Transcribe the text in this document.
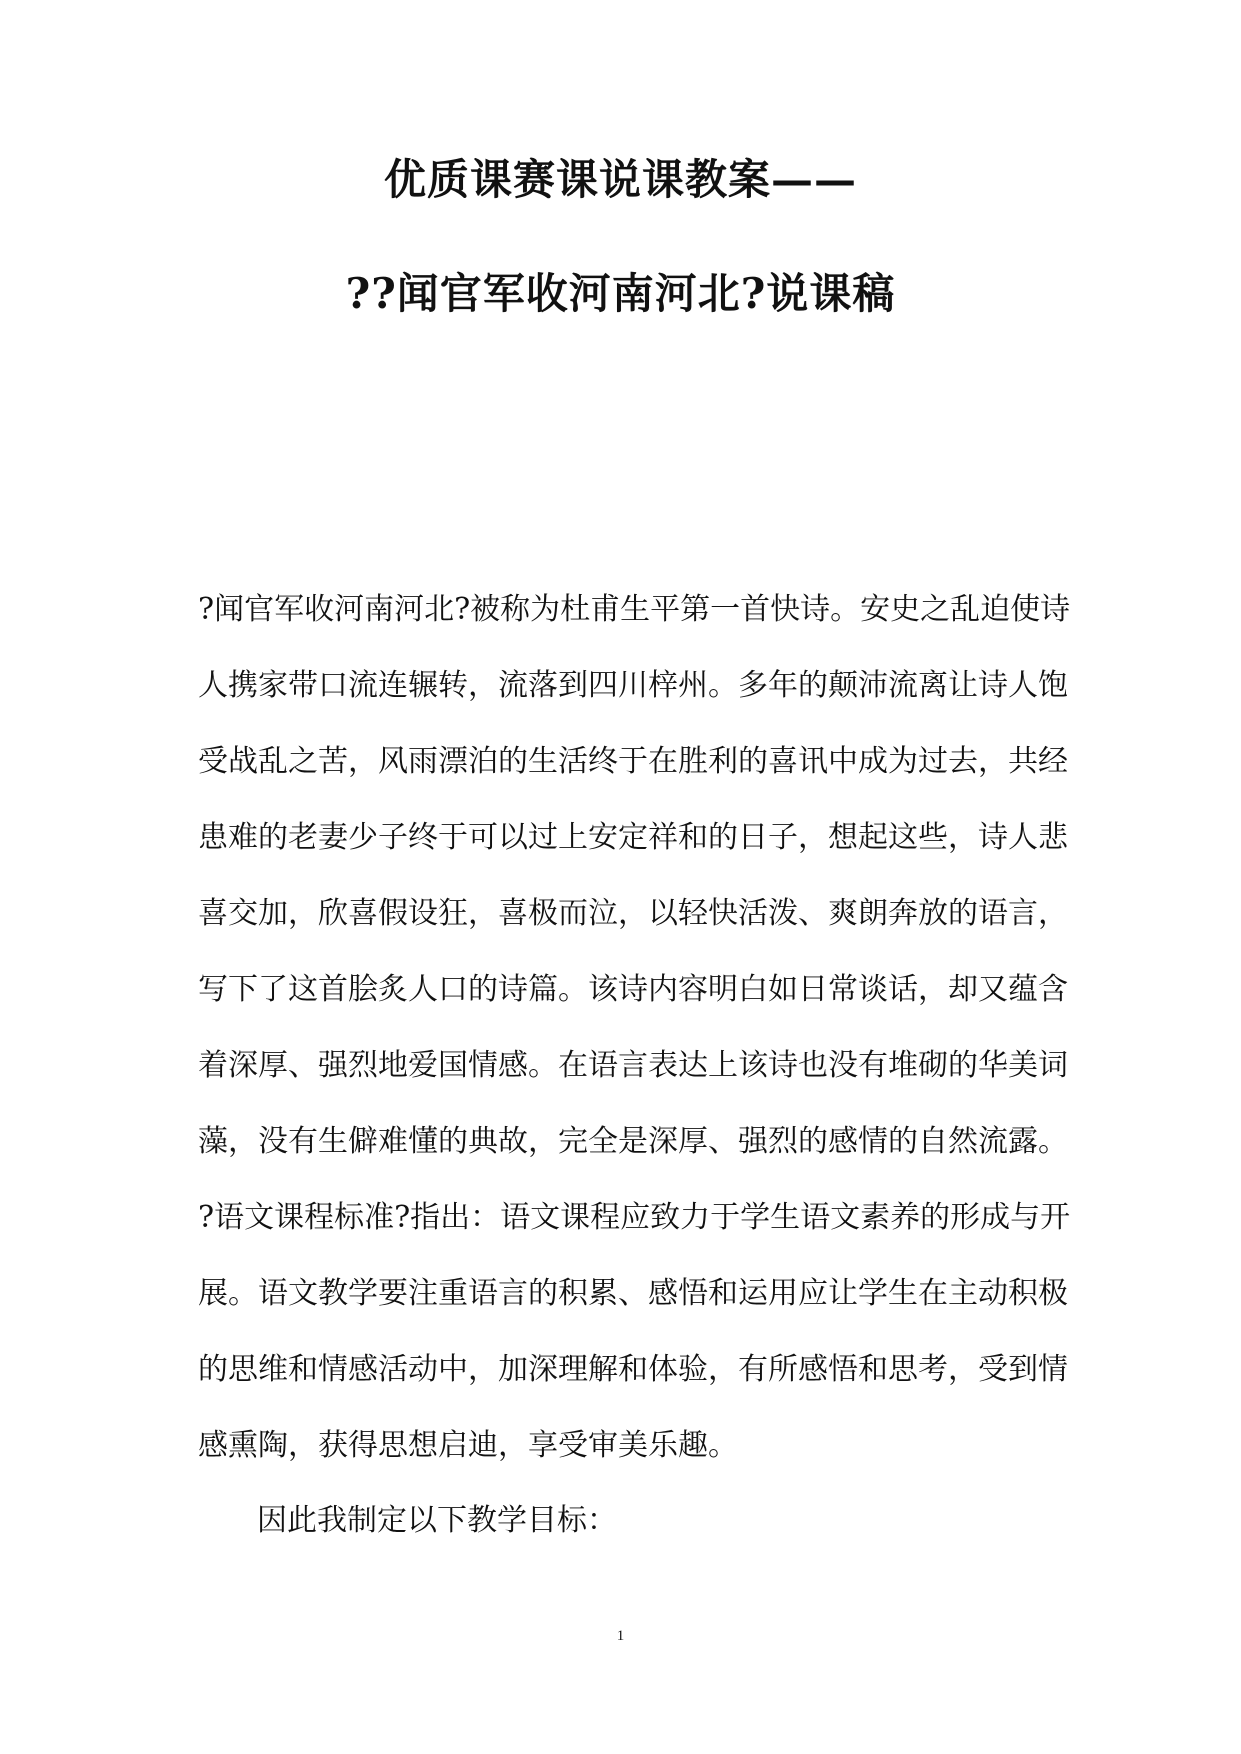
优质课赛课说课教案——
??闻官军收河南河北?说课稿
?闻官军收河南河北?被称为杜甫生平第一首快诗。安史之乱迫使诗
人携家带口流连辗转，流落到四川梓州。多年的颠沛流离让诗人饱
受战乱之苦，风雨漂泊的生活终于在胜利的喜讯中成为过去，共经
患难的老妻少子终于可以过上安定祥和的日子，想起这些，诗人悲
喜交加，欣喜假设狂，喜极而泣，以轻快活泼、爽朗奔放的语言，
写下了这首脍炙人口的诗篇。该诗内容明白如日常谈话，却又蕴含
着深厚、强烈地爱国情感。在语言表达上该诗也没有堆砌的华美词
藻，没有生僻难懂的典故，完全是深厚、强烈的感情的自然流露。
?语文课程标准?指出：语文课程应致力于学生语文素养的形成与开
展。语文教学要注重语言的积累、感悟和运用应让学生在主动积极
的思维和情感活动中，加深理解和体验，有所感悟和思考，受到情
感熏陶，获得思想启迪，享受审美乐趣。
因此我制定以下教学目标：
1
